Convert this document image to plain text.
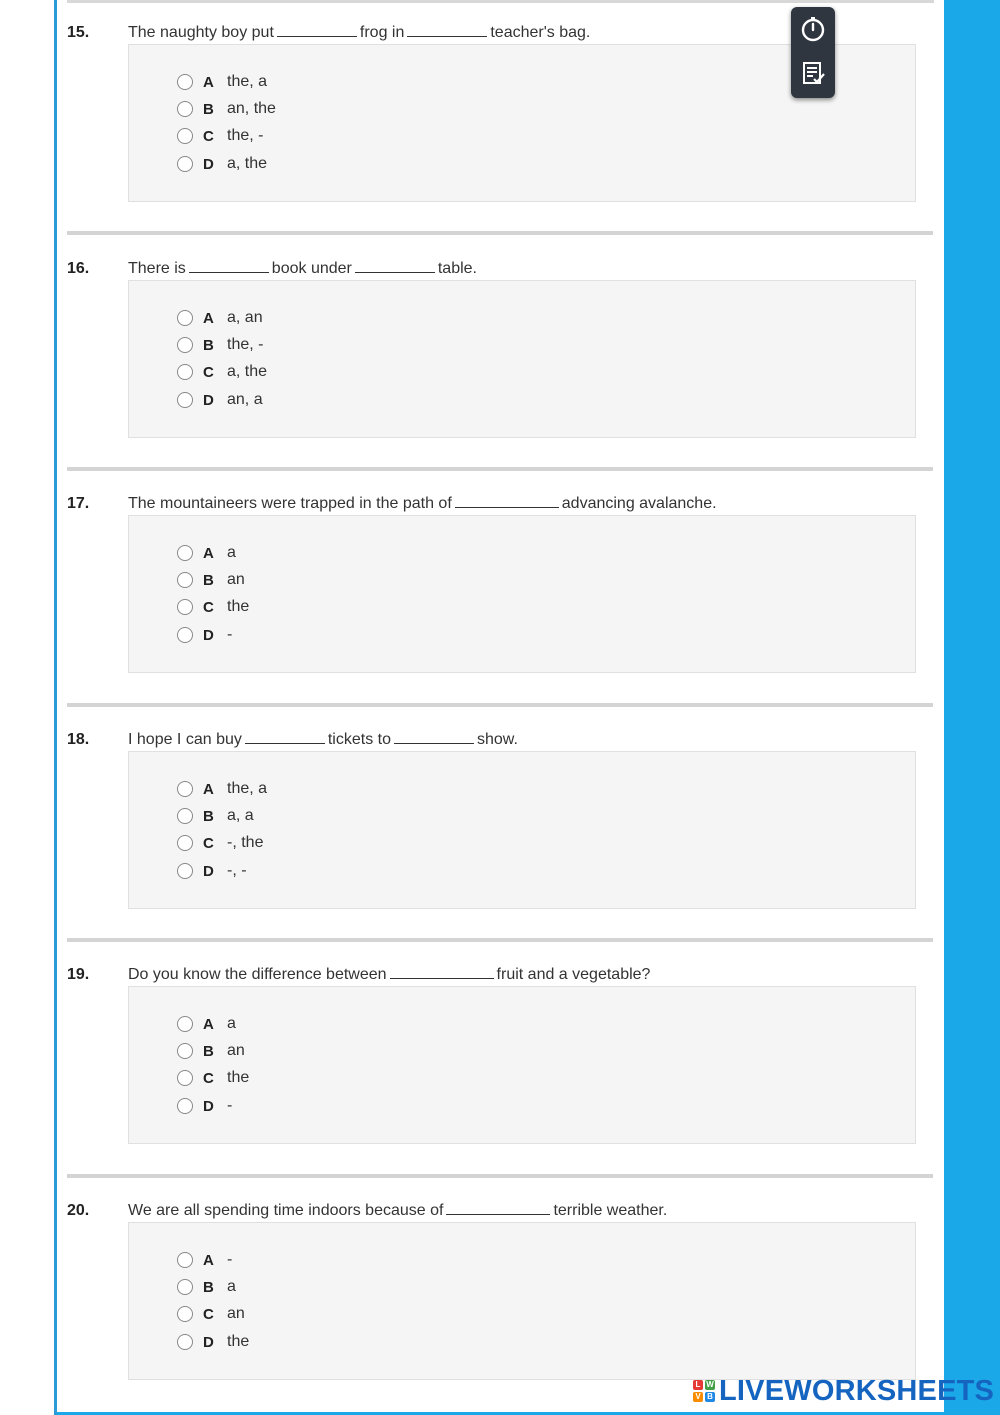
15. The naughty boy put	frog in	teacher's bag.
A the, a
B an, the
C the, -
D a, the
16. There is	book under	table.
A a, an
B the, -
C a, the
D an, a
17. The mountaineers were trapped in the path of	advancing avalanche.
A a
B an
C the
D -
18. I hope I can buy	tickets to	show.
A the, a
B a, a
C -, the
D -, -
19. Do you know the difference between	fruit and a vegetable?
A a
B an
C the
D -
20. We are all spending time indoors because of	terrible weather.
A -
B a
C an
D the
L W
V B LIVEWORKSHEETS
